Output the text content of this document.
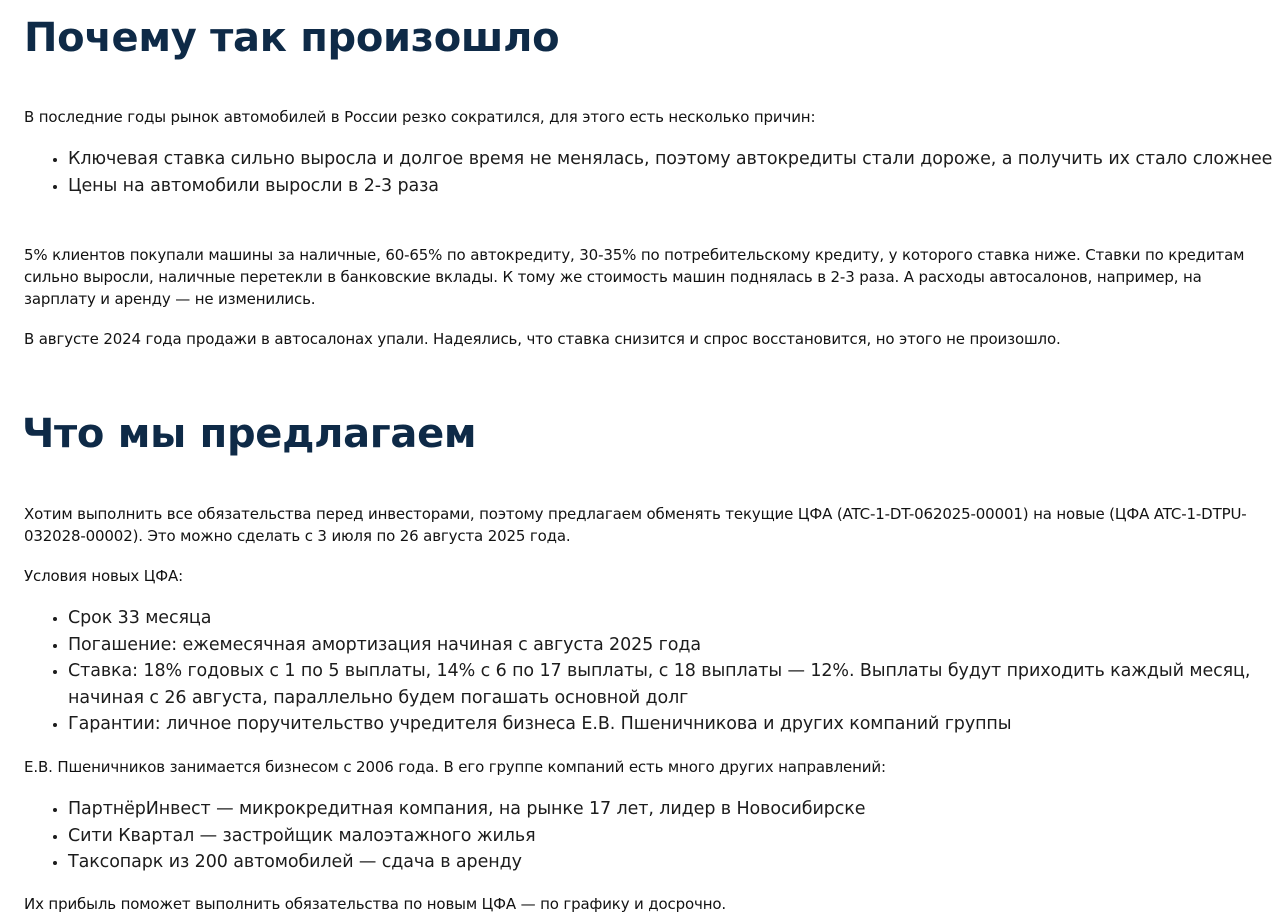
Почему так произошло

В последние годы рынок автомобилей в России резко сократился, для этого есть несколько причин:

• Ключевая ставка сильно выросла и долгое время не менялась, поэтому автокредиты стали дороже, а получить их стало сложнее
• Цены на автомобили выросли в 2-3 раза

5% клиентов покупали машины за наличные, 60-65% по автокредиту, 30-35% по потребительскому кредиту, у которого ставка ниже. Ставки по кредитам сильно выросли, наличные перетекли в банковские вклады. К тому же стоимость машин поднялась в 2-3 раза. А расходы автосалонов, например, на зарплату и аренду — не изменились.

В августе 2024 года продажи в автосалонах упали. Надеялись, что ставка снизится и спрос восстановится, но этого не произошло.

Что мы предлагаем

Хотим выполнить все обязательства перед инвесторами, поэтому предлагаем обменять текущие ЦФА (ATC-1-DT-062025-00001) на новые (ЦФА ATC-1-DTPU-032028-00002). Это можно сделать с 3 июля по 26 августа 2025 года.

Условия новых ЦФА:

• Срок 33 месяца
• Погашение: ежемесячная амортизация начиная с августа 2025 года
• Ставка: 18% годовых с 1 по 5 выплаты, 14% с 6 по 17 выплаты, с 18 выплаты — 12%. Выплаты будут приходить каждый месяц, начиная с 26 августа, параллельно будем погашать основной долг
• Гарантии: личное поручительство учредителя бизнеса Е.В. Пшеничникова и других компаний группы

Е.В. Пшеничников занимается бизнесом с 2006 года. В его группе компаний есть много других направлений:

• ПартнёрИнвест — микрокредитная компания, на рынке 17 лет, лидер в Новосибирске
• Сити Квартал — застройщик малоэтажного жилья
• Таксопарк из 200 автомобилей — сдача в аренду

Их прибыль поможет выполнить обязательства по новым ЦФА — по графику и досрочно.
